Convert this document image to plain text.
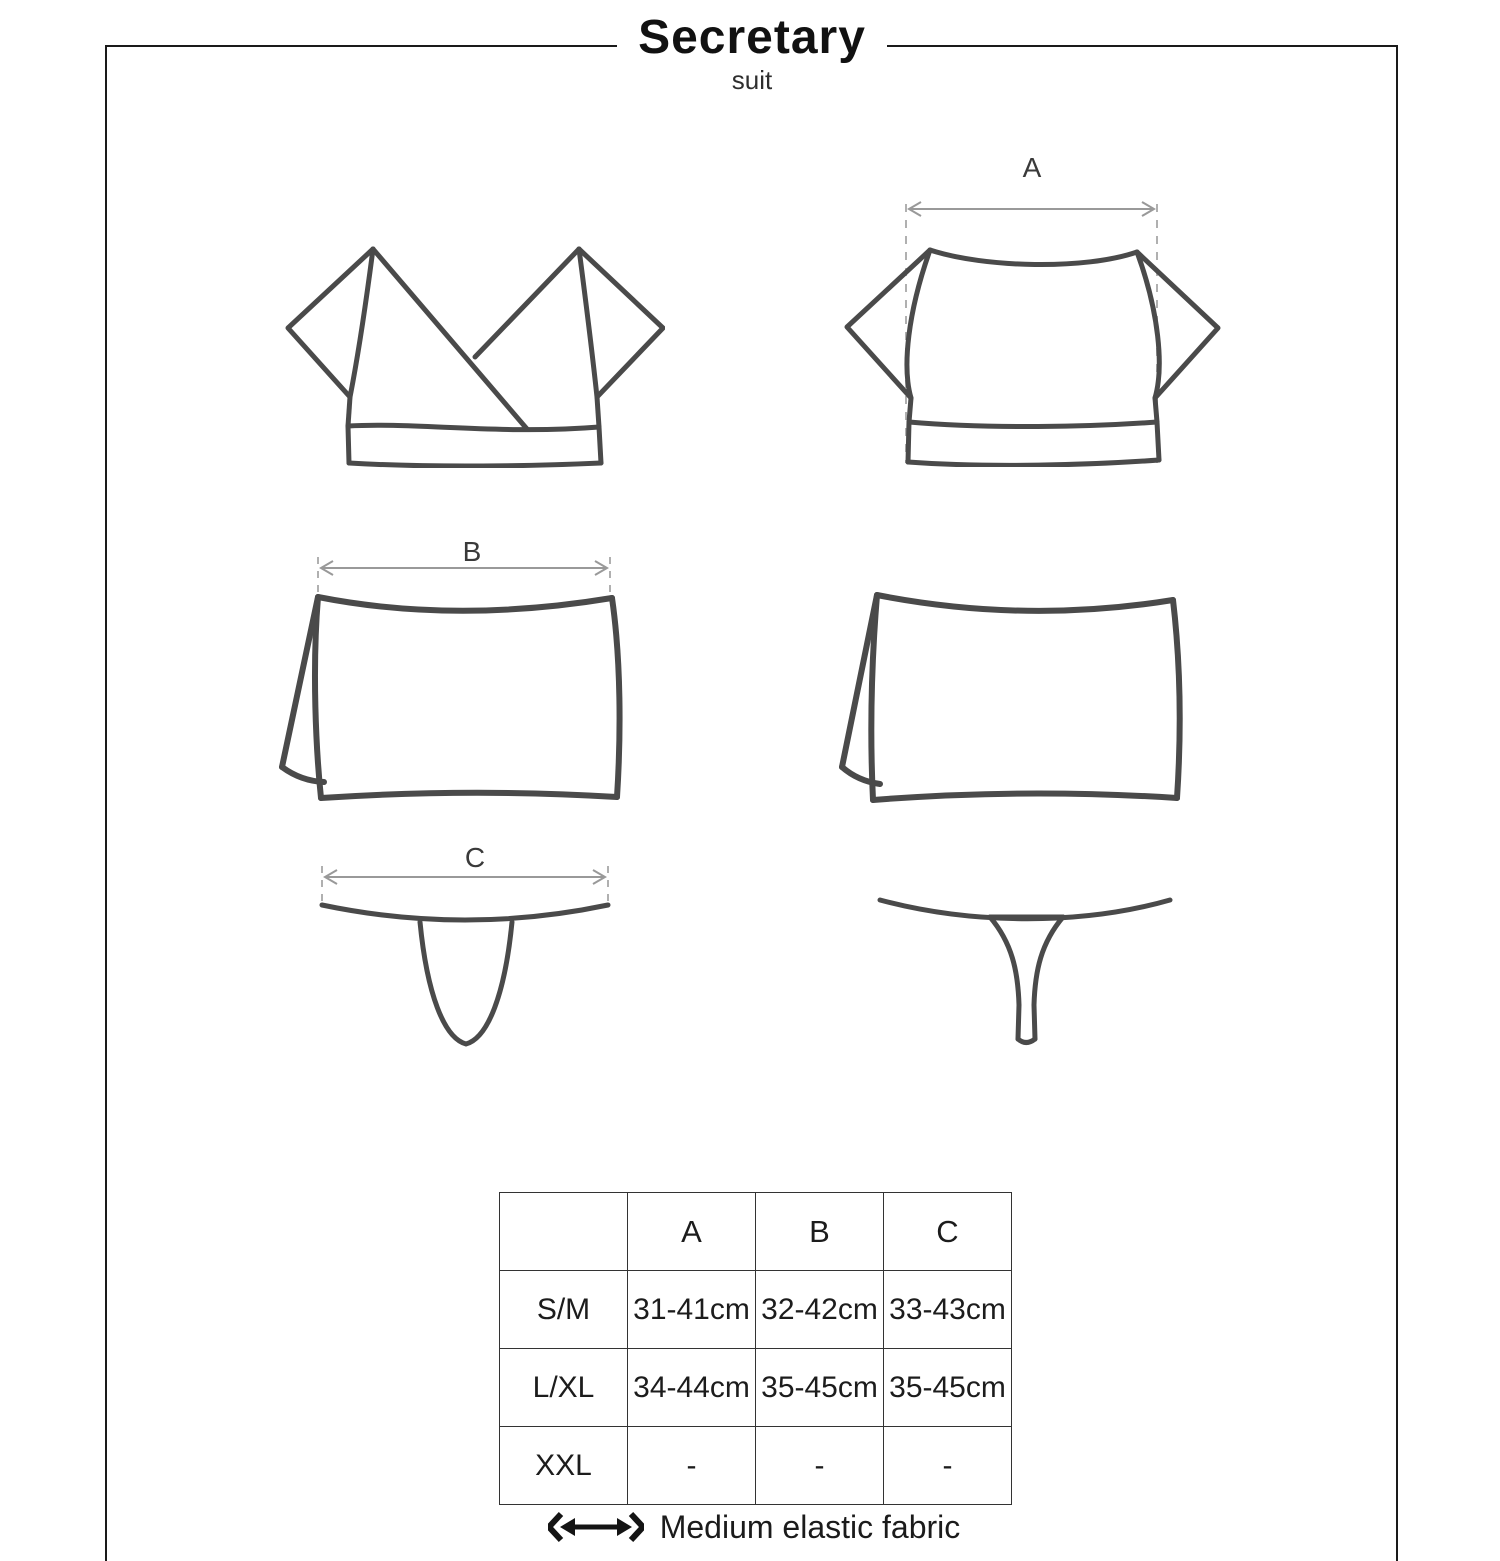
Secretary
suit
A
B
C
	A	B	C
S/M	31-41cm	32-42cm	33-43cm
L/XL	34-44cm	35-45cm	35-45cm
XXL	-	-	-
Medium elastic fabric
